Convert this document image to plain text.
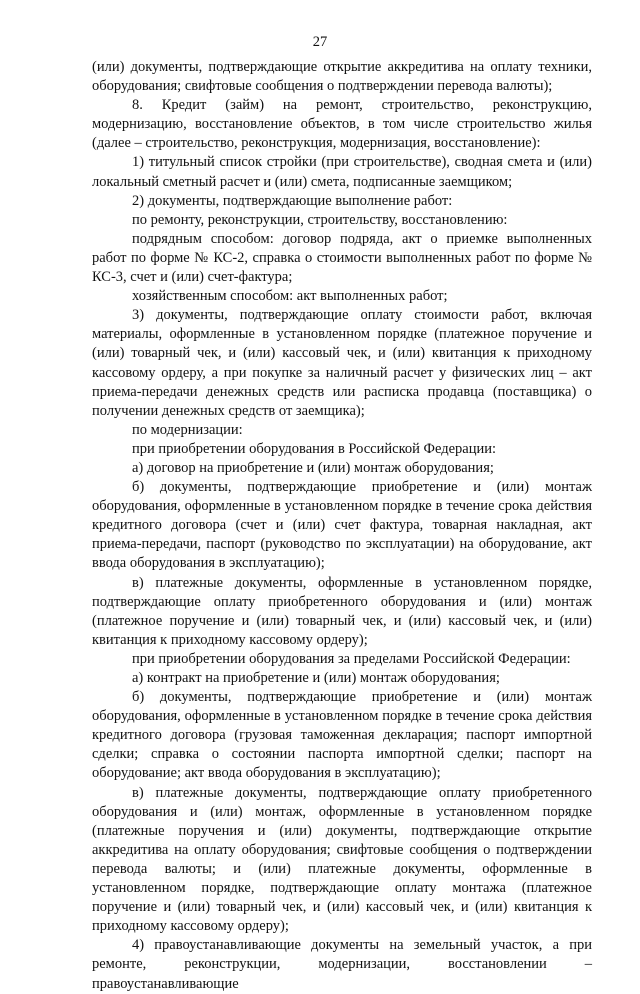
27

(или) документы, подтверждающие открытие аккредитива на оплату техники, оборудования; свифтовые сообщения о подтверждении перевода валюты);

8. Кредит (займ) на ремонт, строительство, реконструкцию, модернизацию, восстановление объектов, в том числе строительство жилья (далее – строительство, реконструкция, модернизация, восстановление):

1) титульный список стройки (при строительстве), сводная смета и (или) локальный сметный расчет и (или) смета, подписанные заемщиком;

2) документы, подтверждающие выполнение работ:

по ремонту, реконструкции, строительству, восстановлению:

подрядным способом: договор подряда, акт о приемке выполненных работ по форме № КС-2, справка о стоимости выполненных работ по форме № КС-3, счет и (или) счет-фактура;

хозяйственным способом: акт выполненных работ;

3) документы, подтверждающие оплату стоимости работ, включая материалы, оформленные в установленном порядке (платежное поручение и (или) товарный чек, и (или) кассовый чек, и (или) квитанция к приходному кассовому ордеру, а при покупке за наличный расчет у физических лиц – акт приема-передачи денежных средств или расписка продавца (поставщика) о получении денежных средств от заемщика);

по модернизации:

при приобретении оборудования в Российской Федерации:

а) договор на приобретение и (или) монтаж оборудования;

б) документы, подтверждающие приобретение и (или) монтаж оборудования, оформленные в установленном порядке в течение срока действия кредитного договора (счет и (или) счет фактура, товарная накладная, акт приема-передачи, паспорт (руководство по эксплуатации) на оборудование, акт ввода оборудования в эксплуатацию);

в) платежные документы, оформленные в установленном порядке, подтверждающие оплату приобретенного оборудования и (или) монтаж (платежное поручение и (или) товарный чек, и (или) кассовый чек, и (или) квитанция к приходному кассовому ордеру);

при приобретении оборудования за пределами Российской Федерации:

а) контракт на приобретение и (или) монтаж оборудования;

б) документы, подтверждающие приобретение и (или) монтаж оборудования, оформленные в установленном порядке в течение срока действия кредитного договора (грузовая таможенная декларация; паспорт импортной сделки; справка о состоянии паспорта импортной сделки; паспорт на оборудование; акт ввода оборудования в эксплуатацию);

в) платежные документы, подтверждающие оплату приобретенного оборудования и (или) монтаж, оформленные в установленном порядке (платежные поручения и (или) документы, подтверждающие открытие аккредитива на оплату оборудования; свифтовые сообщения о подтверждении перевода валюты; и (или) платежные документы, оформленные в установленном порядке, подтверждающие оплату монтажа (платежное поручение и (или) товарный чек, и (или) кассовый чек, и (или) квитанция к приходному кассовому ордеру);

4) правоустанавливающие документы на земельный участок, а при ремонте, реконструкции, модернизации, восстановлении – правоустанавливающие
